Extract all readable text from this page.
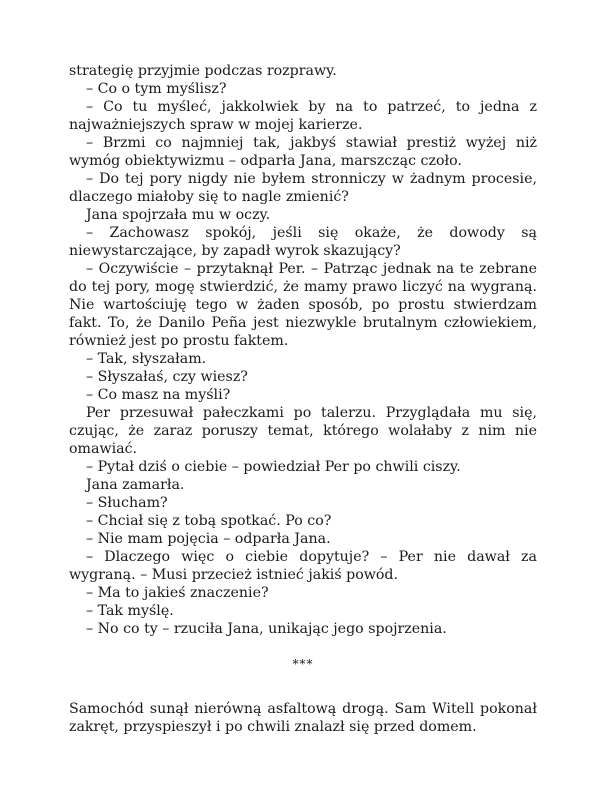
strategię przyjmie podczas rozprawy.

– Co o tym myślisz?

– Co tu myśleć, jakkolwiek by na to patrzeć, to jedna z najważniejszych spraw w mojej karierze.

– Brzmi co najmniej tak, jakbyś stawiał prestiż wyżej niż wymóg obiektywizmu – odparła Jana, marszcząc czoło.

– Do tej pory nigdy nie byłem stronniczy w żadnym procesie, dlaczego miałoby się to nagle zmienić?

Jana spojrzała mu w oczy.

– Zachowasz spokój, jeśli się okaże, że dowody są niewystarczające, by zapadł wyrok skazujący?

– Oczywiście – przytaknął Per. – Patrząc jednak na te zebrane do tej pory, mogę stwierdzić, że mamy prawo liczyć na wygraną. Nie wartościuję tego w żaden sposób, po prostu stwierdzam fakt. To, że Danilo Peña jest niezwykle brutalnym człowiekiem, również jest po prostu faktem.

– Tak, słyszałam.

– Słyszałaś, czy wiesz?

– Co masz na myśli?

Per przesuwał pałeczkami po talerzu. Przyglądała mu się, czując, że zaraz poruszy temat, którego wolałaby z nim nie omawiać.

– Pytał dziś o ciebie – powiedział Per po chwili ciszy.

Jana zamarła.

– Słucham?

– Chciał się z tobą spotkać. Po co?

– Nie mam pojęcia – odparła Jana.

– Dlaczego więc o ciebie dopytuje? – Per nie dawał za wygraną. – Musi przecież istnieć jakiś powód.

– Ma to jakieś znaczenie?

– Tak myślę.

– No co ty – rzuciła Jana, unikając jego spojrzenia.

***

Samochód sunął nierówną asfaltową drogą. Sam Witell pokonał zakręt, przyspieszył i po chwili znalazł się przed domem.
